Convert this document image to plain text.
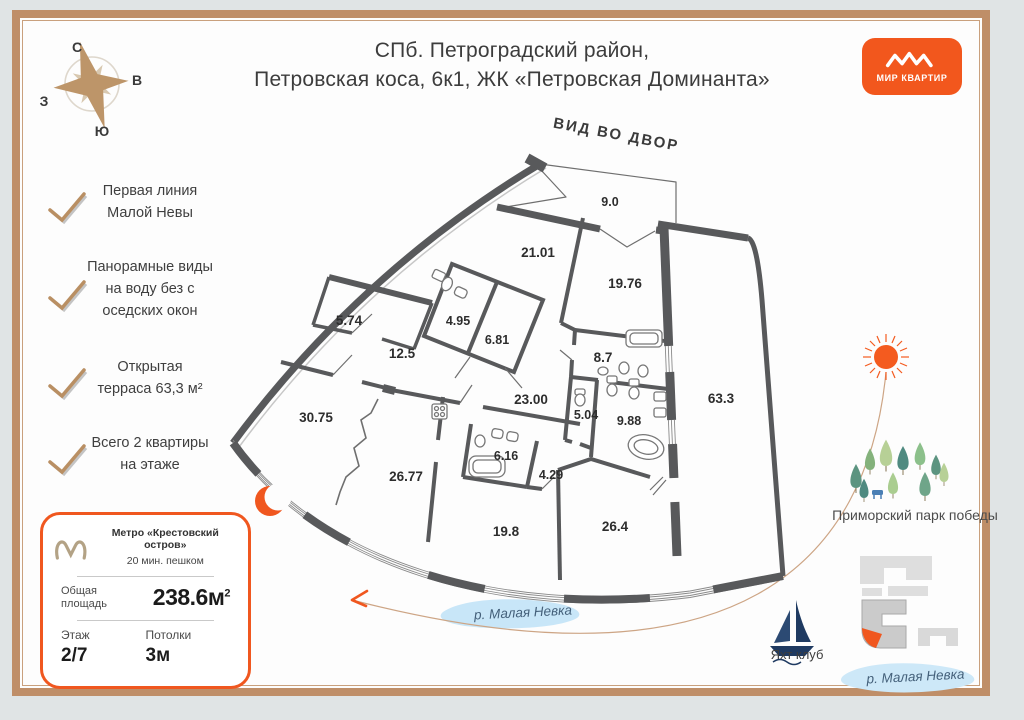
С
В
З
Ю
9.0
21.01
19.76
4.95
6.81
5.74
12.5	8.7
23.00
5.04 9.88
63.3
30.75
26.77
6.16
4.29
19.8	26.4
СПб. Петроградский район,
Петровская коса, 6к1, ЖК «Петровская Доминанта»	МИР КВАРТИР
ВИД ВО ДВОР
Первая линия
Малой Невы
Панорамные виды
на воду без с
оседских окон
Открытая
терраса 63,3 м²
Всего 2 квартиры
на этаже
Метро «Крестовский остров»
20 мин. пешком
Общая
площадь $238.6м^2$
Этаж
2/7
Потолки
3м
Приморский парк победы
Яхт клуб
р. Малая Невка
р. Малая Невка
